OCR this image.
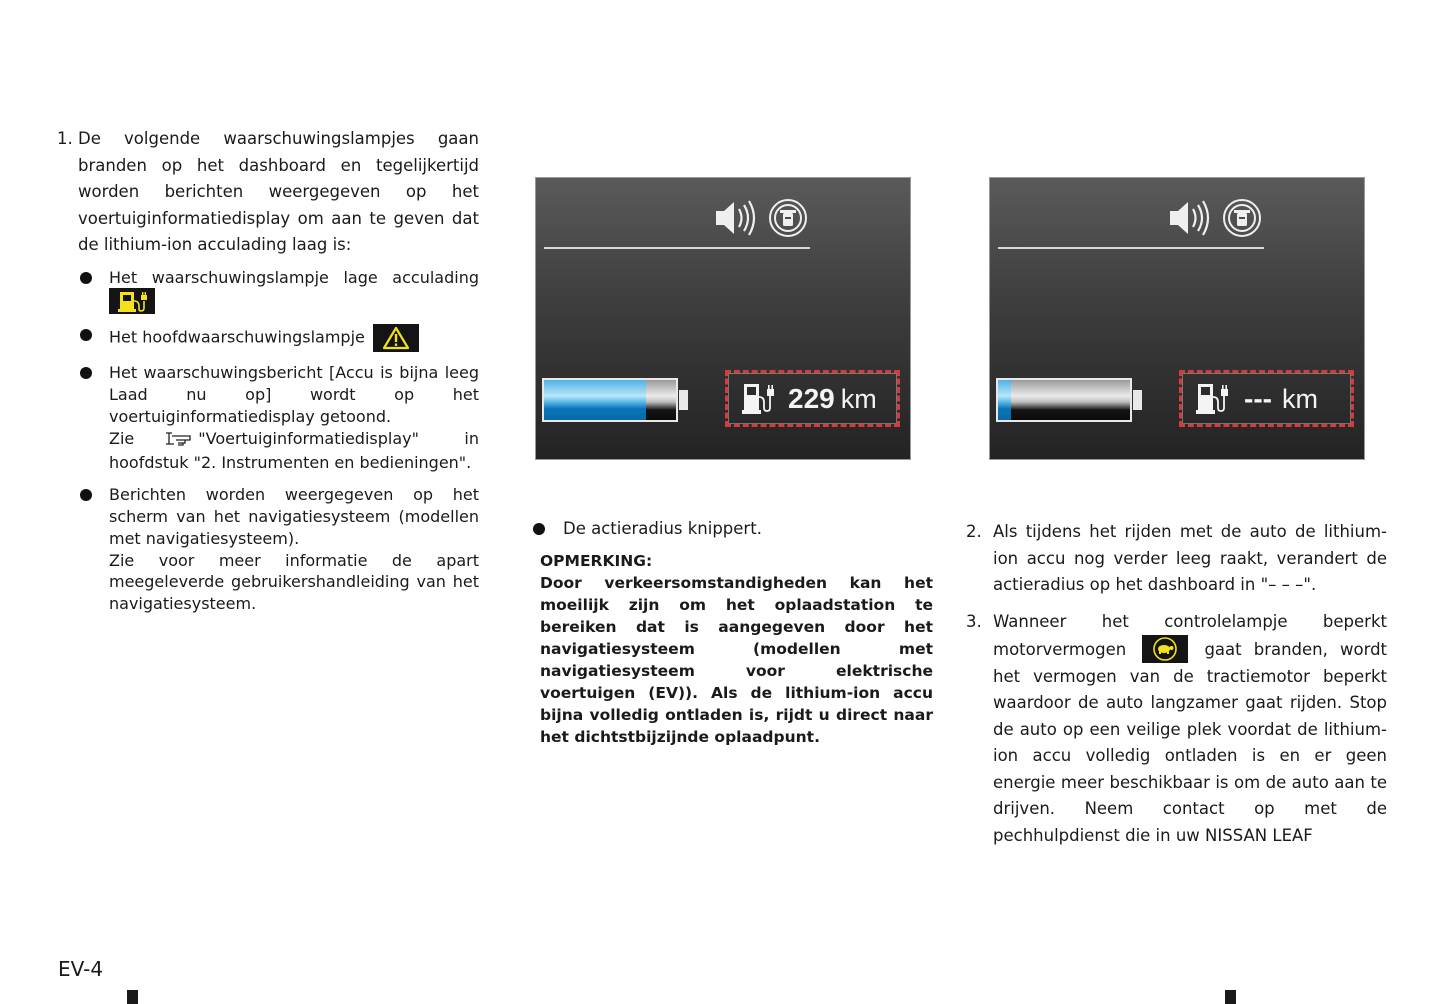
1. De volgende waarschuwingslampjes gaan branden op het dashboard en tegelijkertijd worden berichten weergegeven op het voertuiginformatiedisplay om aan te geven dat de lithium-ion acculading laag is:
Het waarschuwingslampje lage acculading
Het hoofdwaarschuwingslampje

Het waarschuwingsbericht [Accu is bijna leeg Laad nu op] wordt op het voertuiginformatiedisplay getoond.

Zie	"Voertuiginformatiedisplay"	in

hoofdstuk "2. Instrumenten en bedieningen".

Berichten worden weergegeven op het scherm van het navigatiesysteem (modellen met navigatiesysteem).

Zie voor meer informatie de apart meegeleverde gebruikershandleiding van het navigatiesysteem.

229 km	--- km
De actieradius knippert.
OPMERKING:
Door verkeersomstandigheden kan het moeilijk zijn om het oplaadstation te bereiken dat is aangegeven door het navigatiesysteem (modellen met navigatiesysteem voor elektrische voertuigen (EV)). Als de lithium-ion accu bijna volledig ontladen is, rijdt u direct naar het dichtstbijzijnde oplaadpunt.
2. Als tijdens het rijden met de auto de lithium-ion accu nog verder leeg raakt, verandert de actieradius op het dashboard in "– – –".
3. Wanneer het controlelampje beperkt motorvermogen	gaat branden, wordt het vermogen van de tractiemotor beperkt waardoor de auto langzamer gaat rijden. Stop de auto op een veilige plek voordat de lithium-ion accu volledig ontladen is en er geen energie meer beschikbaar is om de auto aan te drijven. Neem contact op met de pechhulpdienst die in uw NISSAN LEAF
EV-4
